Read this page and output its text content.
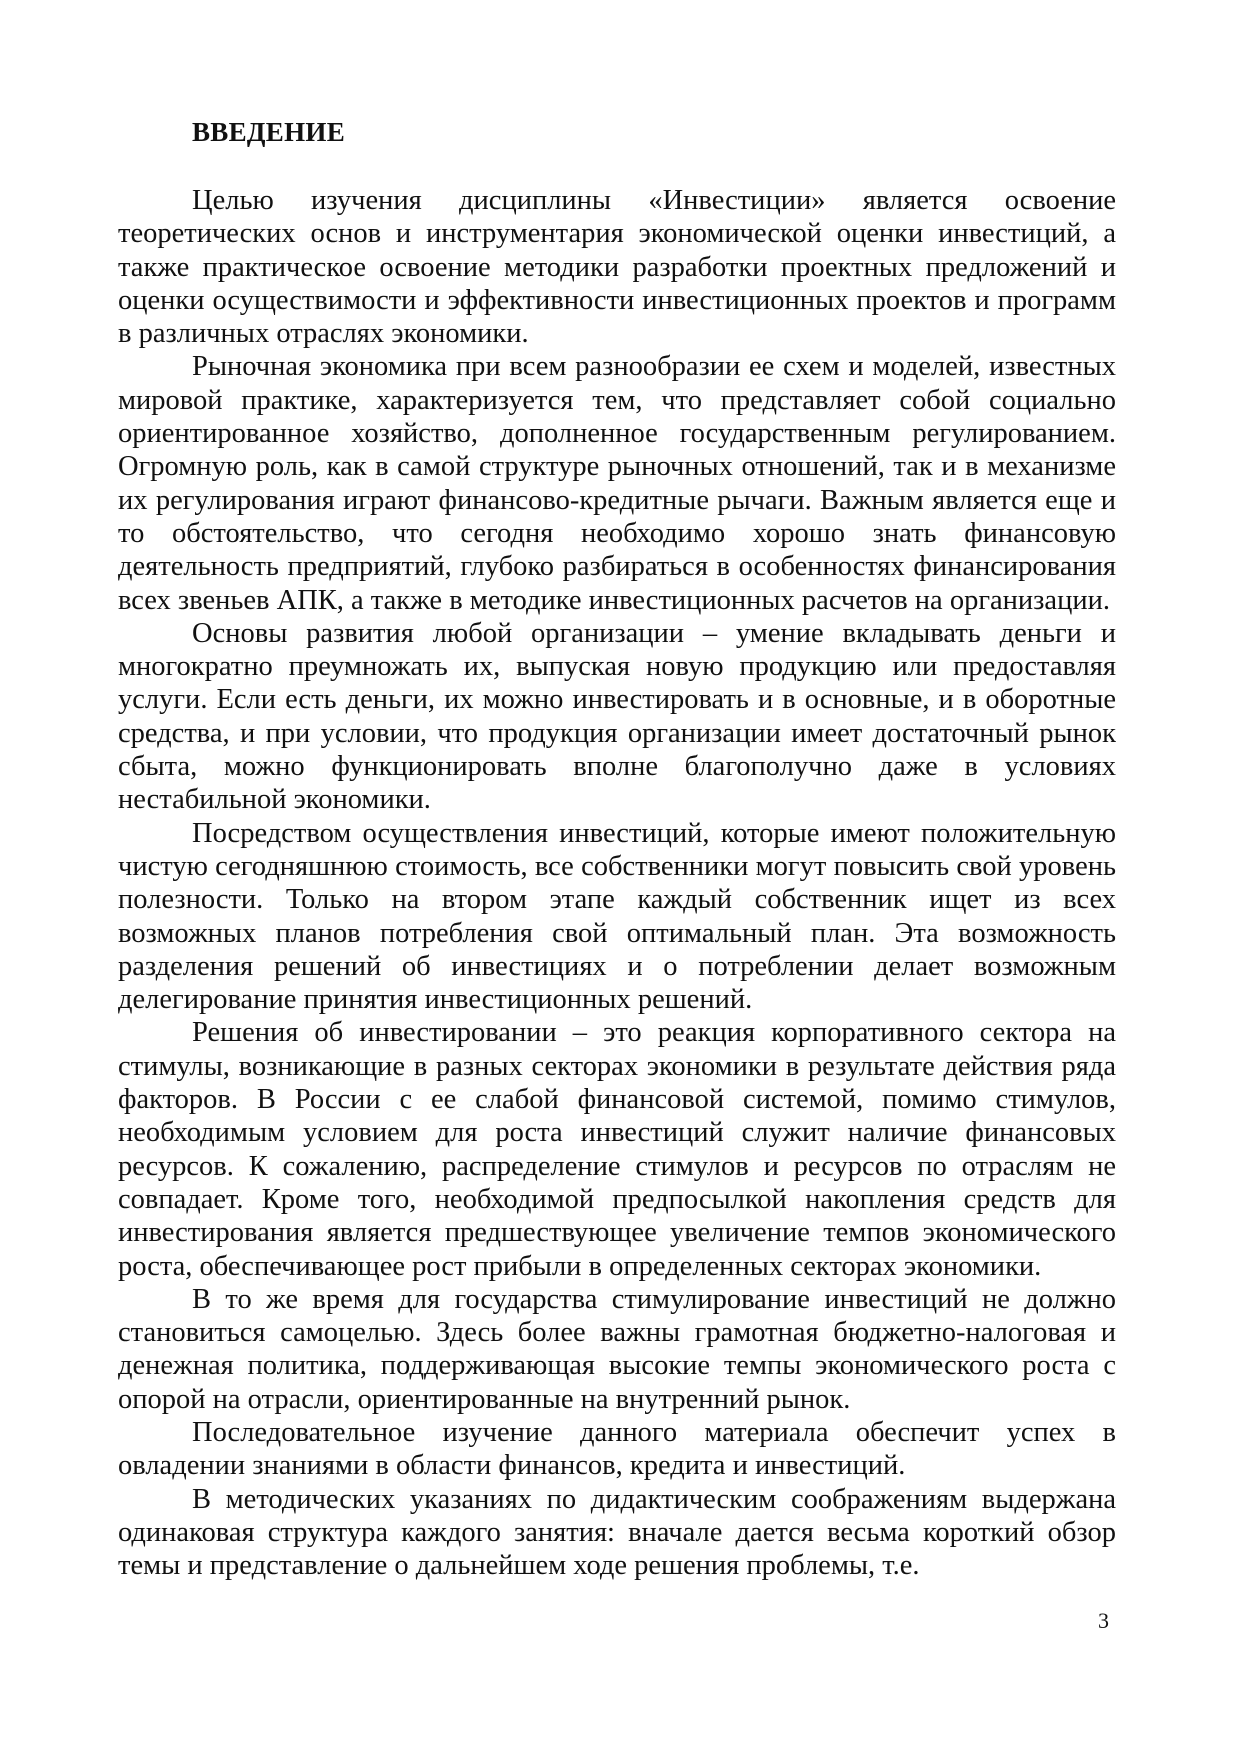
ВВЕДЕНИЕ

Целью изучения дисциплины «Инвестиции» является освоение теоретических основ и инструментария экономической оценки инвестиций, а также практическое освоение методики разработки проектных предложений и оценки осуществимости и эффективности инвестиционных проектов и программ в различных отраслях экономики.

Рыночная экономика при всем разнообразии ее схем и моделей, известных мировой практике, характеризуется тем, что представляет собой социально ориентированное хозяйство, дополненное государственным регулированием. Огромную роль, как в самой структуре рыночных отношений, так и в механизме их регулирования играют финансово-кредитные рычаги. Важным является еще и то обстоятельство, что сегодня необходимо хорошо знать финансовую деятельность предприятий, глубоко разбираться в особенностях финансирования всех звеньев АПК, а также в методике инвестиционных расчетов на организации.

Основы развития любой организации – умение вкладывать деньги и многократно преумножать их, выпуская новую продукцию или предоставляя услуги. Если есть деньги, их можно инвестировать и в основные, и в оборотные средства, и при условии, что продукция организации имеет достаточный рынок сбыта, можно функционировать вполне благополучно даже в условиях нестабильной экономики.

Посредством осуществления инвестиций, которые имеют положительную чистую сегодняшнюю стоимость, все собственники могут повысить свой уровень полезности. Только на втором этапе каждый собственник ищет из всех возможных планов потребления свой оптимальный план. Эта возможность разделения решений об инвестициях и о потреблении делает возможным делегирование принятия инвестиционных решений.

Решения об инвестировании – это реакция корпоративного сектора на стимулы, возникающие в разных секторах экономики в результате действия ряда факторов. В России с ее слабой финансовой системой, помимо стимулов, необходимым условием для роста инвестиций служит наличие финансовых ресурсов. К сожалению, распределение стимулов и ресурсов по отраслям не совпадает. Кроме того, необходимой предпосылкой накопления средств для инвестирования является предшествующее увеличение темпов экономического роста, обеспечивающее рост прибыли в определенных секторах экономики.

В то же время для государства стимулирование инвестиций не должно становиться самоцелью. Здесь более важны грамотная бюджетно-налоговая и денежная политика, поддерживающая высокие темпы экономического роста с опорой на отрасли, ориентированные на внутренний рынок.

Последовательное изучение данного материала обеспечит успех в овладении знаниями в области финансов, кредита и инвестиций.

В методических указаниях по дидактическим соображениям выдержана одинаковая структура каждого занятия: вначале дается весьма короткий обзор темы и представление о дальнейшем ходе решения проблемы, т.е.

3
